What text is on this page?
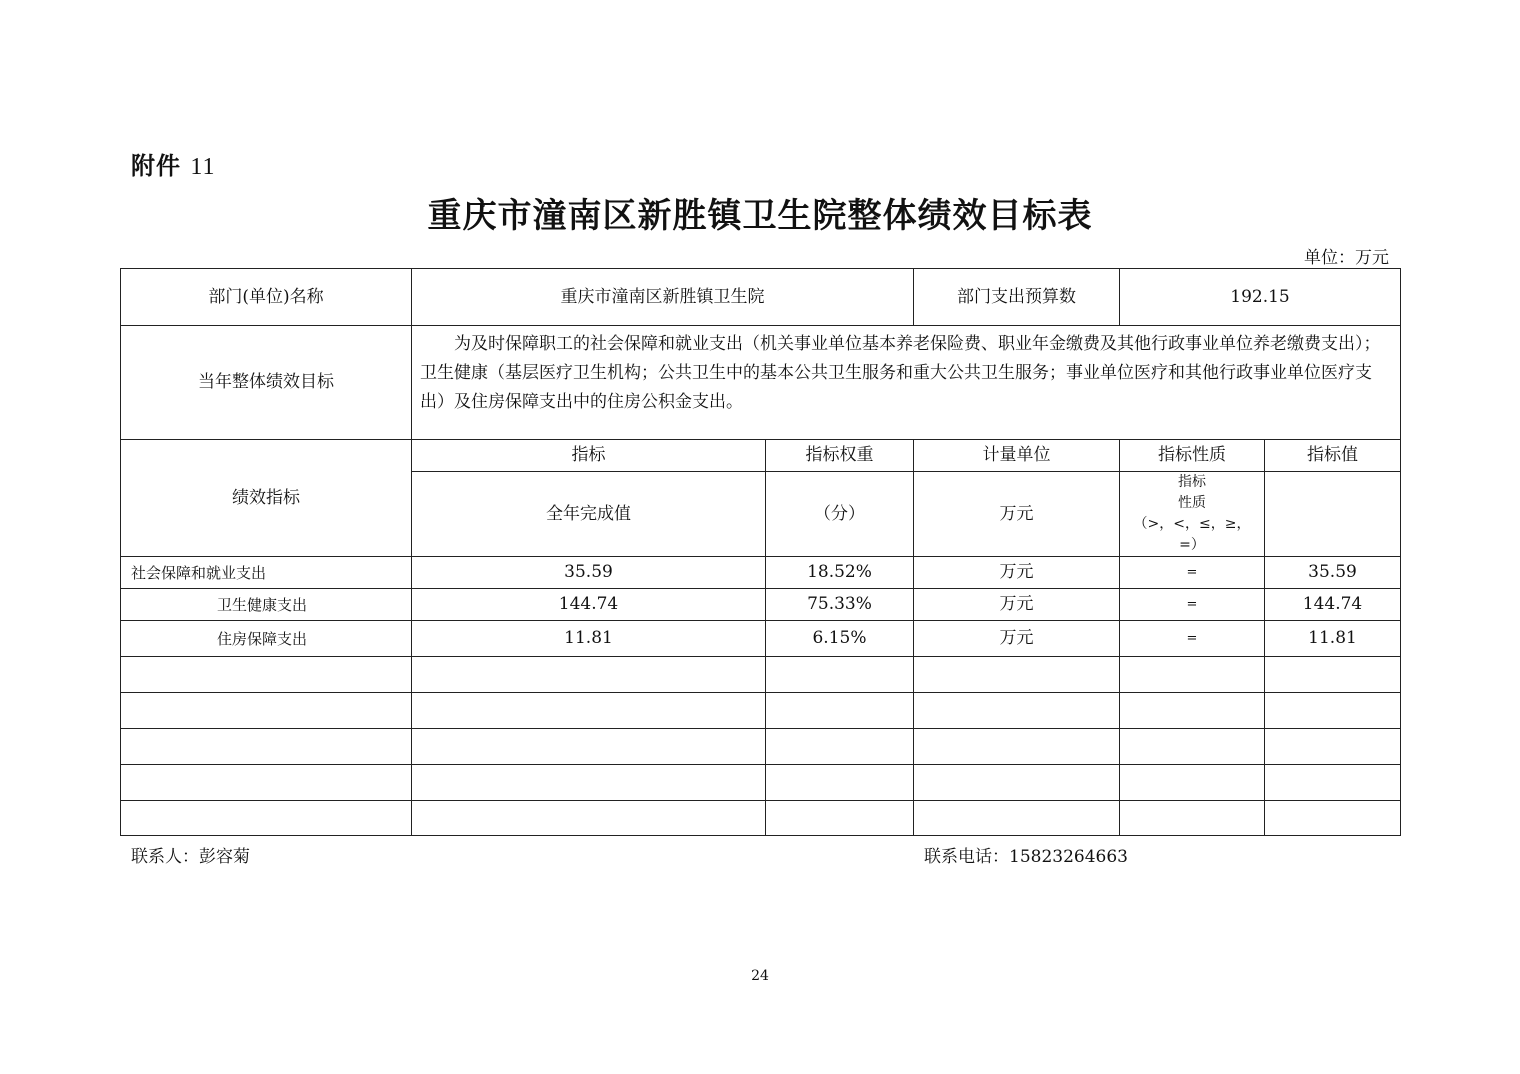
附件 11
重庆市潼南区新胜镇卫生院整体绩效目标表
单位：万元
部门(单位)名称	重庆市潼南区新胜镇卫生院		部门支出预算数	192.15	
当年整体绩效目标	为及时保障职工的社会保障和就业支出（机关事业单位基本养老保险费、职业年金缴费及其他行政事业单位养老缴费支出）；卫生健康（基层医疗卫生机构；公共卫生中的基本公共卫生服务和重大公共卫生服务；事业单位医疗和其他行政事业单位医疗支出）及住房保障支出中的住房公积金支出。				
绩效指标	指标	指标权重	计量单位	指标性质	指标值
	全年完成值	（分）	万元	指标
性质
（>，<，≤，≥，
=）	

社会保障和就业支出	35.59	18.52%	万元	=	35.59
卫生健康支出	144.74	75.33%	万元	=	144.74
住房保障支出	11.81	6.15%	万元	=	11.81

联系人：彭容菊	联系电话：15823264663
24
